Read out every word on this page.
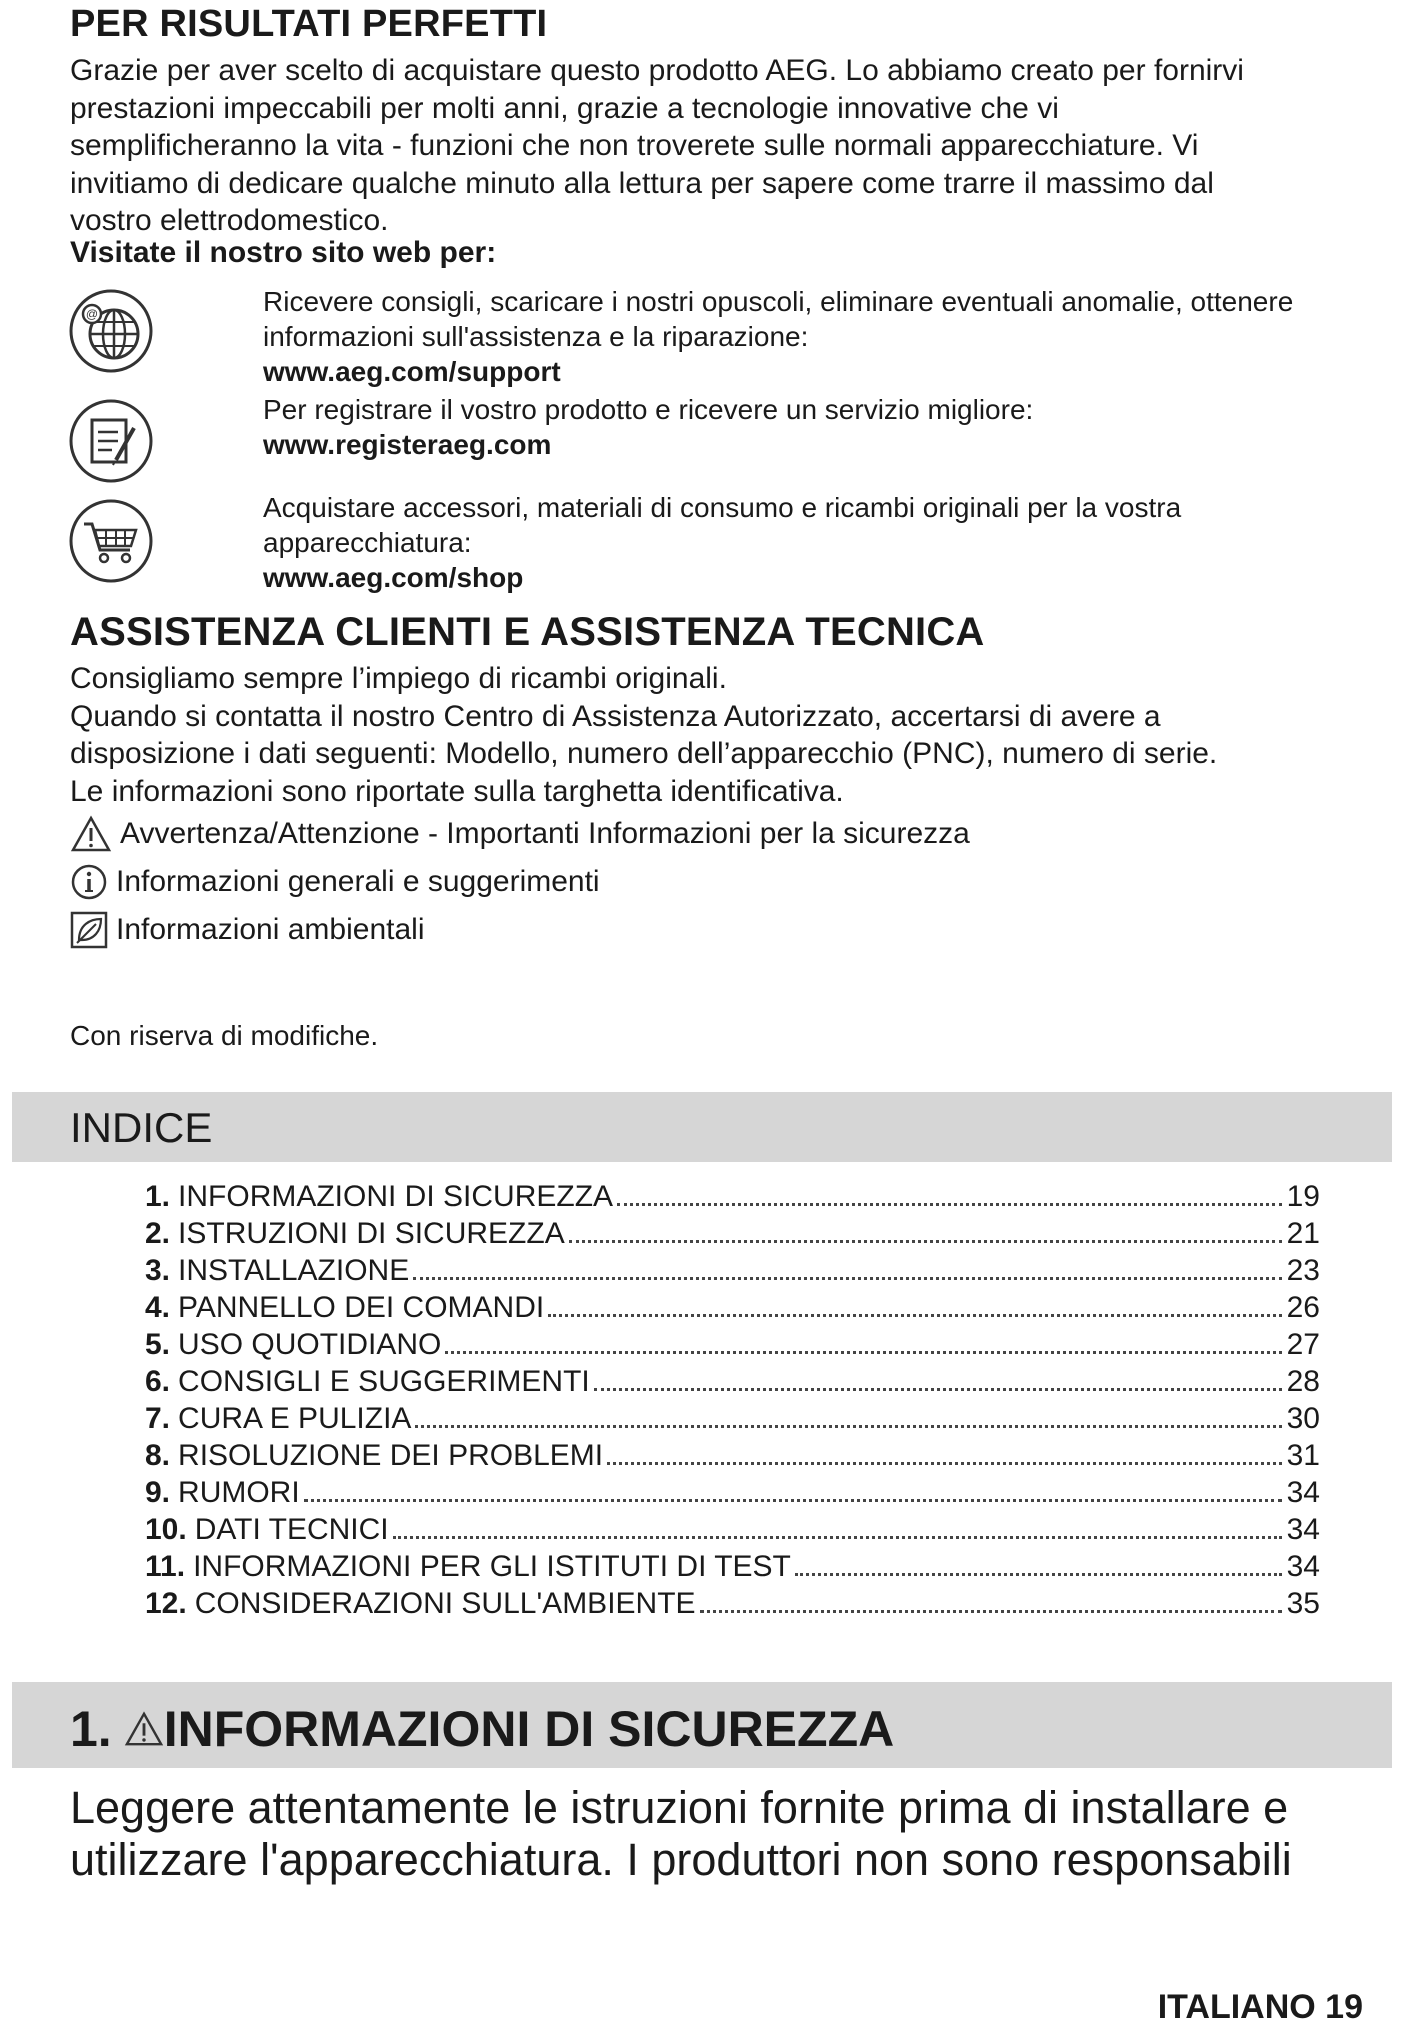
PER RISULTATI PERFETTI
Grazie per aver scelto di acquistare questo prodotto AEG. Lo abbiamo creato per fornirvi
prestazioni impeccabili per molti anni, grazie a tecnologie innovative che vi
semplificheranno la vita - funzioni che non troverete sulle normali apparecchiature. Vi
invitiamo di dedicare qualche minuto alla lettura per sapere come trarre il massimo dal
vostro elettrodomestico.
Visitate il nostro sito web per:
@	Ricevere consigli, scaricare i nostri opuscoli, eliminare eventuali anomalie, ottenere
informazioni sull'assistenza e la riparazione:
www.aeg.com/support
Per registrare il vostro prodotto e ricevere un servizio migliore:
www.registeraeg.com
Acquistare accessori, materiali di consumo e ricambi originali per la vostra
apparecchiatura:
www.aeg.com/shop
ASSISTENZA CLIENTI E ASSISTENZA TECNICA
Consigliamo sempre l’impiego di ricambi originali.
Quando si contatta il nostro Centro di Assistenza Autorizzato, accertarsi di avere a
disposizione i dati seguenti: Modello, numero dell’apparecchio (PNC), numero di serie.
Le informazioni sono riportate sulla targhetta identificativa.
Avvertenza/Attenzione - Importanti Informazioni per la sicurezza
Informazioni generali e suggerimenti
Informazioni ambientali
Con riserva di modifiche.
INDICE
1. INFORMAZIONI DI SICUREZZA	19
2. ISTRUZIONI DI SICUREZZA	21
3. INSTALLAZIONE	23
4. PANNELLO DEI COMANDI	26
5. USO QUOTIDIANO	27
6. CONSIGLI E SUGGERIMENTI	28
7. CURA E PULIZIA	30
8. RISOLUZIONE DEI PROBLEMI	31
9. RUMORI	34
10. DATI TECNICI	34
11. INFORMAZIONI PER GLI ISTITUTI DI TEST	34
12. CONSIDERAZIONI SULL'AMBIENTE	35
1. INFORMAZIONI DI SICUREZZA
Leggere attentamente le istruzioni fornite prima di installare e
utilizzare l'apparecchiatura. I produttori non sono responsabili
ITALIANO 19
